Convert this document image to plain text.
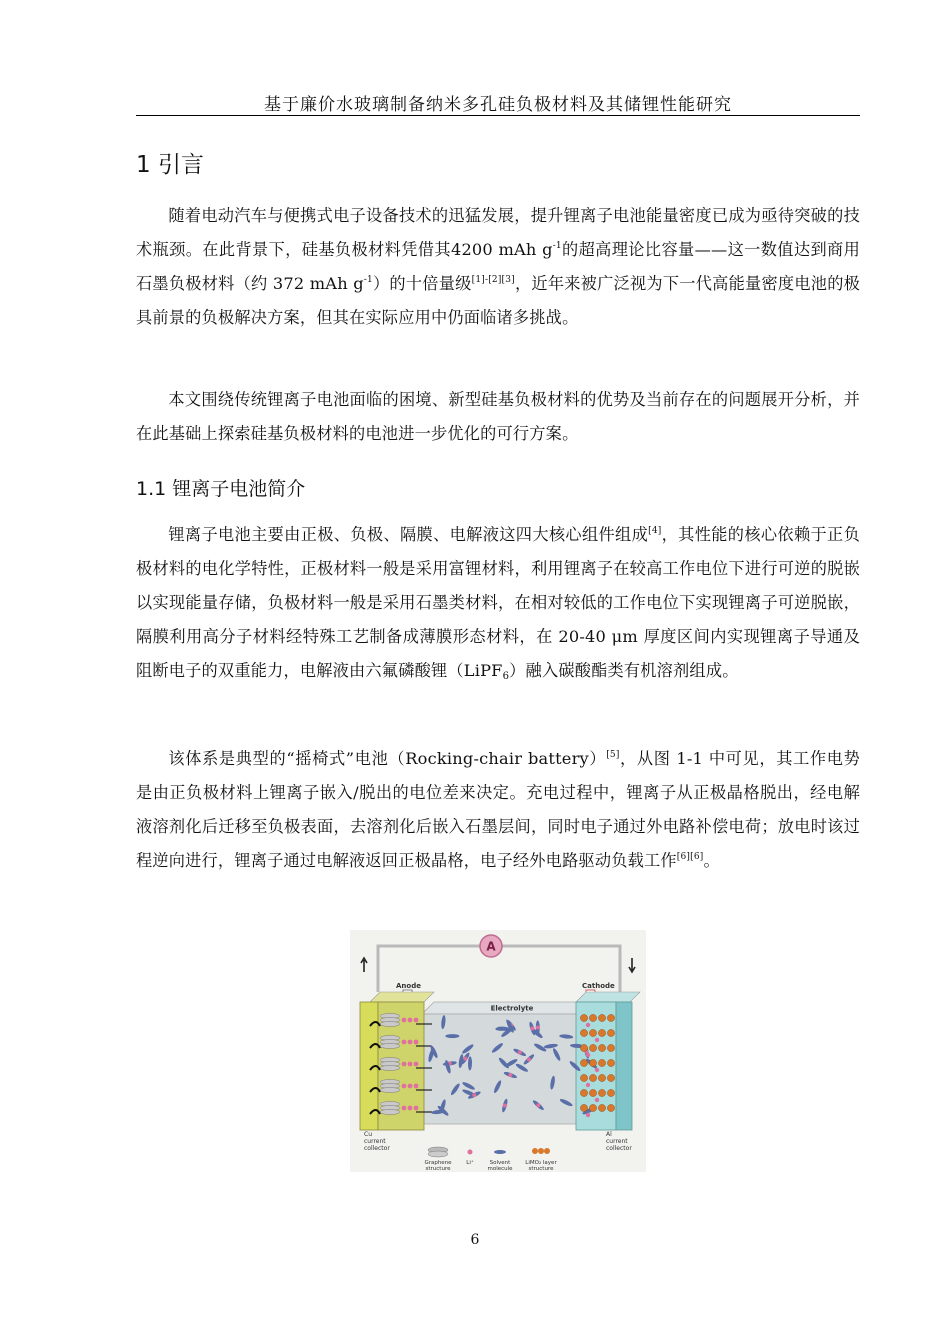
基于廉价水玻璃制备纳米多孔硅负极材料及其储锂性能研究
1 引言

随着电动汽车与便携式电子设备技术的迅猛发展，提升锂离子电池能量密度已成为亟待突破的技术瓶颈。在此背景下，硅基负极材料凭借其4200 mAh $g^{-1}$的超高理论比容量——这一数值达到商用石墨负极材料（约 372 mAh $g^{-1}$）的十倍量级[1]-[2][3]，近年来被广泛视为下一代高能量密度电池的极具前景的负极解决方案，但其在实际应用中仍面临诸多挑战。

本文围绕传统锂离子电池面临的困境、新型硅基负极材料的优势及当前存在的问题展开分析，并在此基础上探索硅基负极材料的电池进一步优化的可行方案。

1.1 锂离子电池简介

锂离子电池主要由正极、负极、隔膜、电解液这四大核心组件组成[4]，其性能的核心依赖于正负极材料的电化学特性，正极材料一般是采用富锂材料，利用锂离子在较高工作电位下进行可逆的脱嵌以实现能量存储，负极材料一般是采用石墨类材料，在相对较低的工作电位下实现锂离子可逆脱嵌，隔膜利用高分子材料经特殊工艺制备成薄膜形态材料，在 20-40 μm 厚度区间内实现锂离子导通及阻断电子的双重能力，电解液由六氟磷酸锂（LiPF$_6$）融入碳酸酯类有机溶剂组成。

该体系是典型的“摇椅式”电池（Rocking-chair battery）[5]，从图 1-1 中可见，其工作电势是由正负极材料上锂离子嵌入/脱出的电位差来决定。充电过程中，锂离子从正极晶格脱出，经电解液溶剂化后迁移至负极表面，去溶剂化后嵌入石墨层间，同时电子通过外电路补偿电荷；放电时该过程逆向进行，锂离子通过电解液返回正极晶格，电子经外电路驱动负载工作[6][6]。

A
Anode	Cathode
Electrolyte
Cu
current
collector
Al
current
collector
Graphene
structure
Li⁺	Solvent
molecule
LiMO₂ layer
structure
6
